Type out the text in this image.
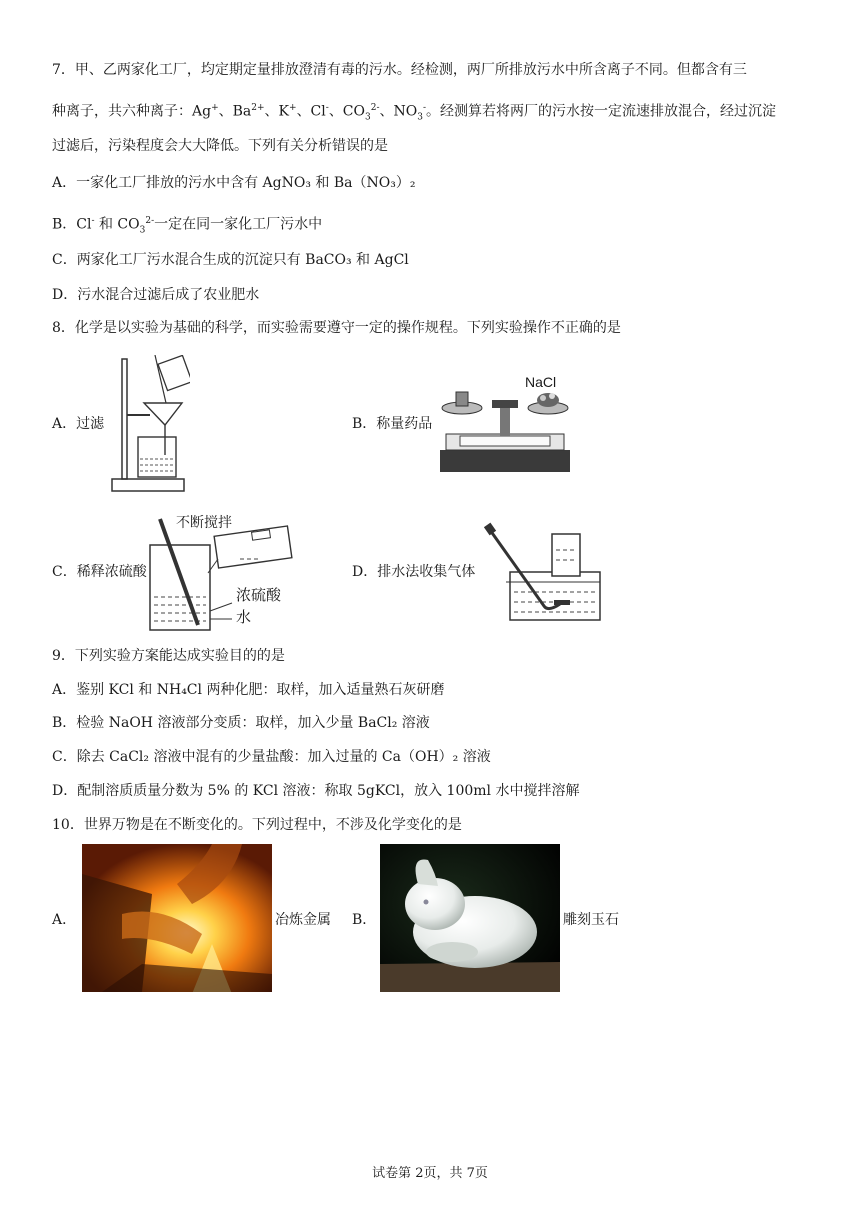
7．甲、乙两家化工厂，均定期定量排放澄清有毒的污水。经检测，两厂所排放污水中所含离子不同。但都含有三
种离子，共六种离子：Ag+、$Ba^{2+}$、K+、Cl-、$CO_3^{2-}$、$NO_3^-$。经测算若将两厂的污水按一定流速排放混合，经过沉淀
过滤后，污染程度会大大降低。下列有关分析错误的是
A．一家化工厂排放的污水中含有 AgNO₃ 和 Ba（NO₃）₂
B．Cl- 和 $CO_3^{2-}$一定在同一家化工厂污水中
C．两家化工厂污水混合生成的沉淀只有 BaCO₃ 和 AgCl
D．污水混合过滤后成了农业肥水
8．化学是以实验为基础的科学，而实验需要遵守一定的操作规程。下列实验操作不正确的是
A．过滤	B．称量药品
C．稀释浓硫酸	D．排水法收集气体
NaCl
不断搅拌
浓硫酸
水
9．下列实验方案能达成实验目的的是
A．鉴别 KCl 和 NH₄Cl 两种化肥：取样，加入适量熟石灰研磨
B．检验 NaOH 溶液部分变质：取样，加入少量 BaCl₂ 溶液
C．除去 CaCl₂ 溶液中混有的少量盐酸：加入过量的 Ca（OH）₂ 溶液
D．配制溶质质量分数为 5% 的 KCl 溶液：称取 5gKCl，放入 100ml 水中搅拌溶解
10．世界万物是在不断变化的。下列过程中，不涉及化学变化的是
A．	冶炼金属 B．	雕刻玉石
试卷第 2页，共 7页
